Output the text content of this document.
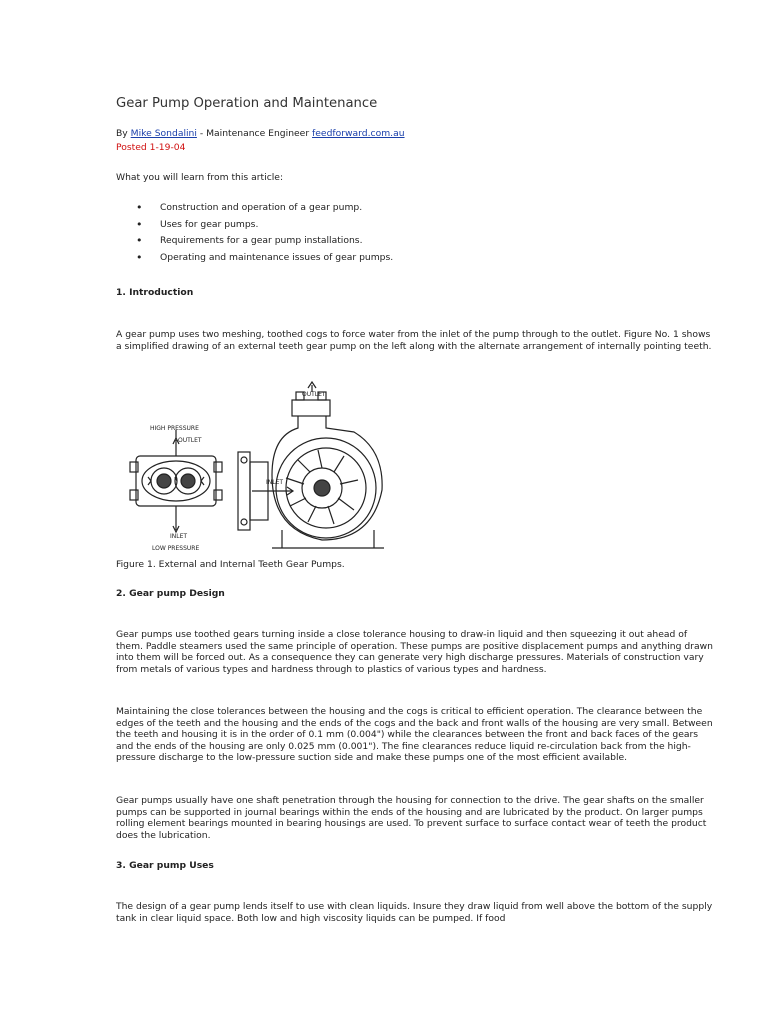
Gear Pump Operation and Maintenance
By Mike Sondalini - Maintenance Engineer feedforward.com.au
Posted 1-19-04
What you will learn from this article:
• Construction and operation of a gear pump.
• Uses for gear pumps.
• Requirements for a gear pump installations.
• Operating and maintenance issues of gear pumps.
1. Introduction

A gear pump uses two meshing, toothed cogs to force water from the inlet of the pump through to the outlet. Figure No. 1 shows a simplified drawing of an external teeth gear pump on the left along with the alternate arrangement of internally pointing teeth.

HIGH PRESSURE
OUTLET
INLET
LOW PRESSURE
OUTLET
INLET
Figure 1. External and Internal Teeth Gear Pumps.
2. Gear pump Design

Gear pumps use toothed gears turning inside a close tolerance housing to draw-in liquid and then squeezing it out ahead of them. Paddle steamers used the same principle of operation. These pumps are positive displacement pumps and anything drawn into them will be forced out. As a consequence they can generate very high discharge pressures. Materials of construction vary from metals of various types and hardness through to plastics of various types and hardness.

Maintaining the close tolerances between the housing and the cogs is critical to efficient operation. The clearance between the edges of the teeth and the housing and the ends of the cogs and the back and front walls of the housing are very small. Between the teeth and housing it is in the order of 0.1 mm (0.004") while the clearances between the front and back faces of the gears and the ends of the housing are only 0.025 mm (0.001"). The fine clearances reduce liquid re-circulation back from the high-pressure discharge to the low-pressure suction side and make these pumps one of the most efficient available.

Gear pumps usually have one shaft penetration through the housing for connection to the drive. The gear shafts on the smaller pumps can be supported in journal bearings within the ends of the housing and are lubricated by the product. On larger pumps rolling element bearings mounted in bearing housings are used. To prevent surface to surface contact wear of teeth the product does the lubrication.

3. Gear pump Uses

The design of a gear pump lends itself to use with clean liquids. Insure they draw liquid from well above the bottom of the supply tank in clear liquid space. Both low and high viscosity liquids can be pumped. If food
